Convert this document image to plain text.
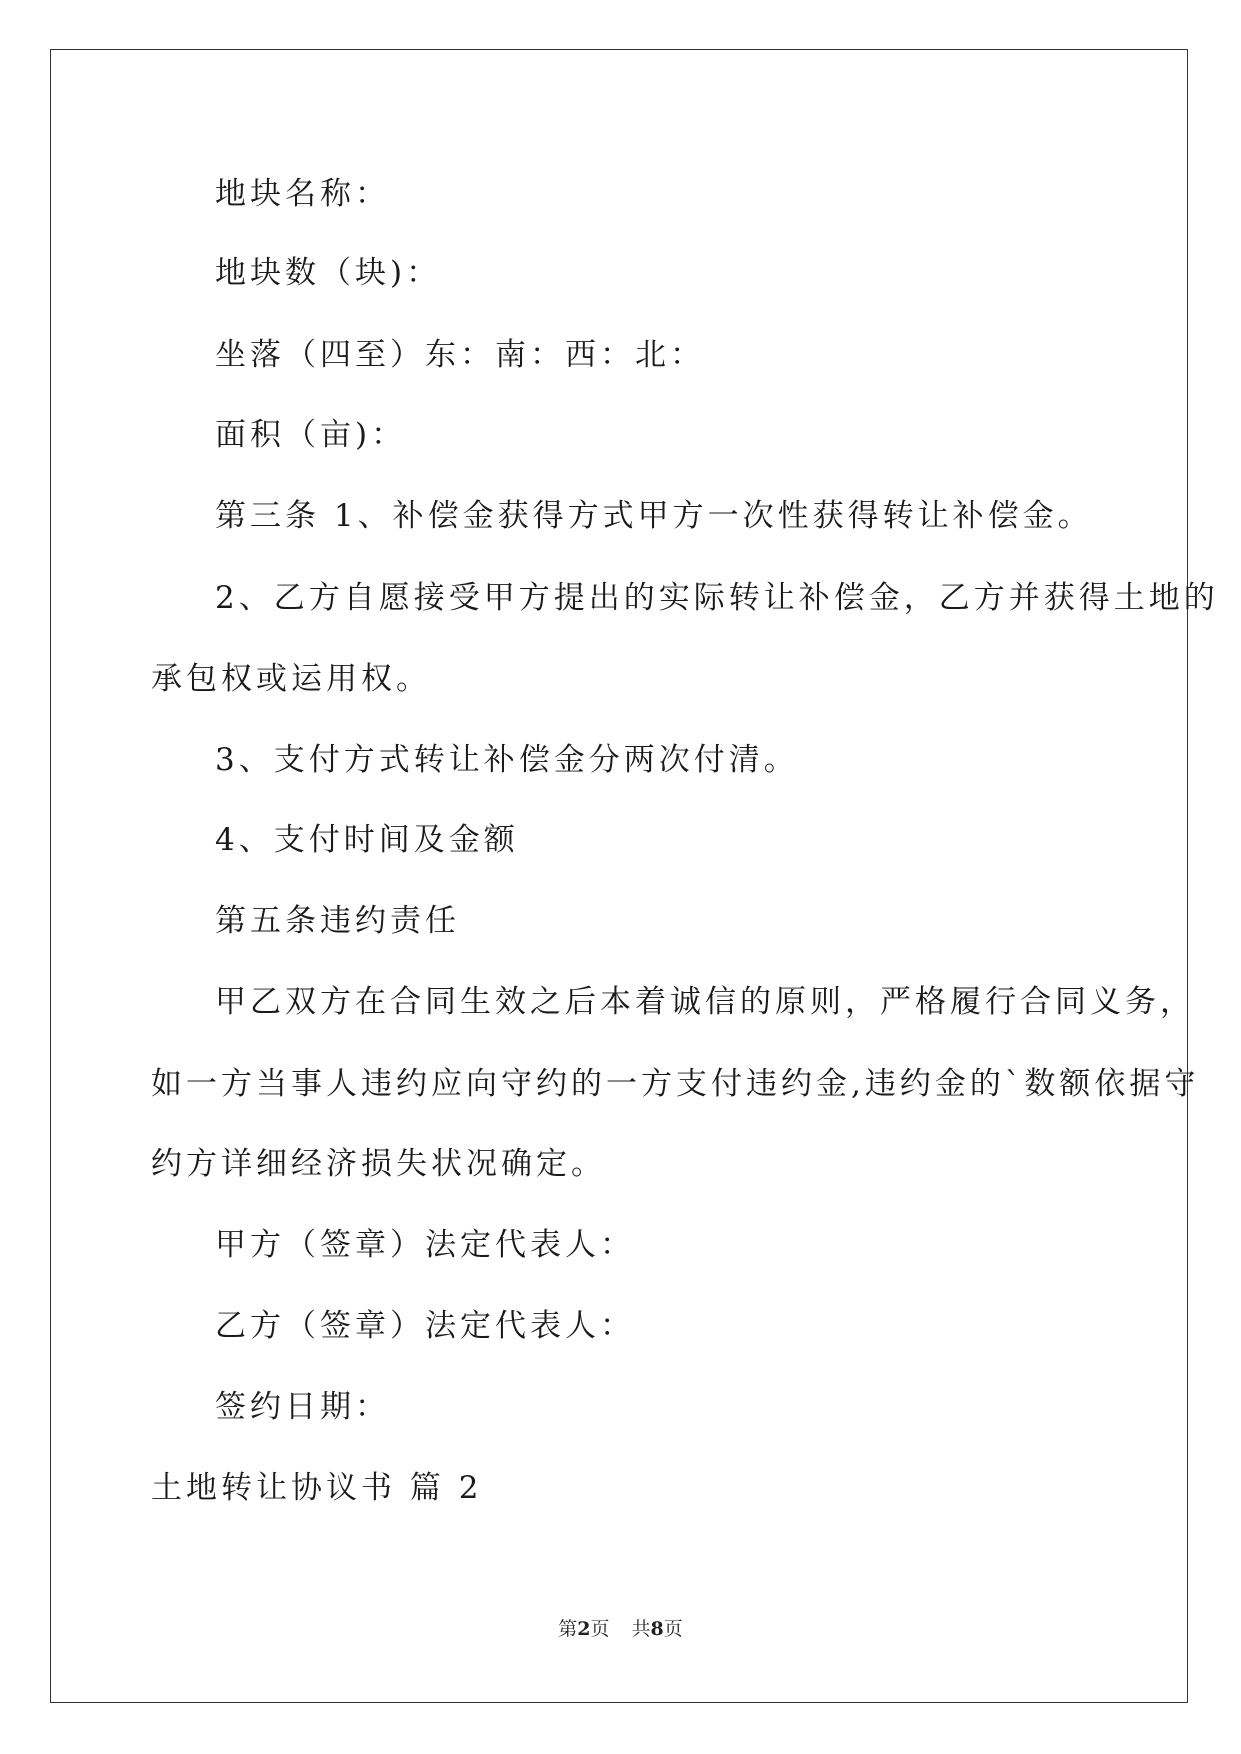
地块名称：
地块数（块)：
坐落（四至）东：南：西：北：
面积（亩)：
第三条 1、补偿金获得方式甲方一次性获得转让补偿金。
2、乙方自愿接受甲方提出的实际转让补偿金，乙方并获得土地的
承包权或运用权。
3、支付方式转让补偿金分两次付清。
4、支付时间及金额
第五条违约责任
甲乙双方在合同生效之后本着诚信的原则，严格履行合同义务，
如一方当事人违约应向守约的一方支付违约金,违约金的`数额依据守
约方详细经济损失状况确定。
甲方（签章）法定代表人：
乙方（签章）法定代表人：
签约日期：
土地转让协议书 篇 2
第2页 共8页
